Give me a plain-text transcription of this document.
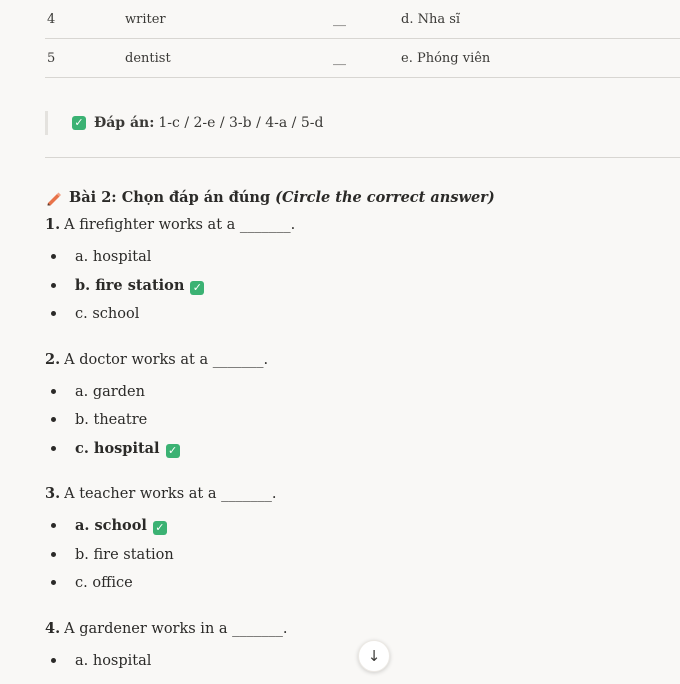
4	writer	__	d. Nha sĩ
5	dentist	__	e. Phóng viên
✓ Đáp án: 1-c / 2-e / 3-b / 4-a / 5-d
Bài 2: Chọn đáp án đúng (Circle the correct answer)

1. A firefighter works at a _______.

a. hospital
b. fire station ✓
c. school

2. A doctor works at a _______.

a. garden
b. theatre
c. hospital ✓

3. A teacher works at a _______.

a. school ✓
b. fire station
c. office

4. A gardener works in a _______.

a. hospital	↓
